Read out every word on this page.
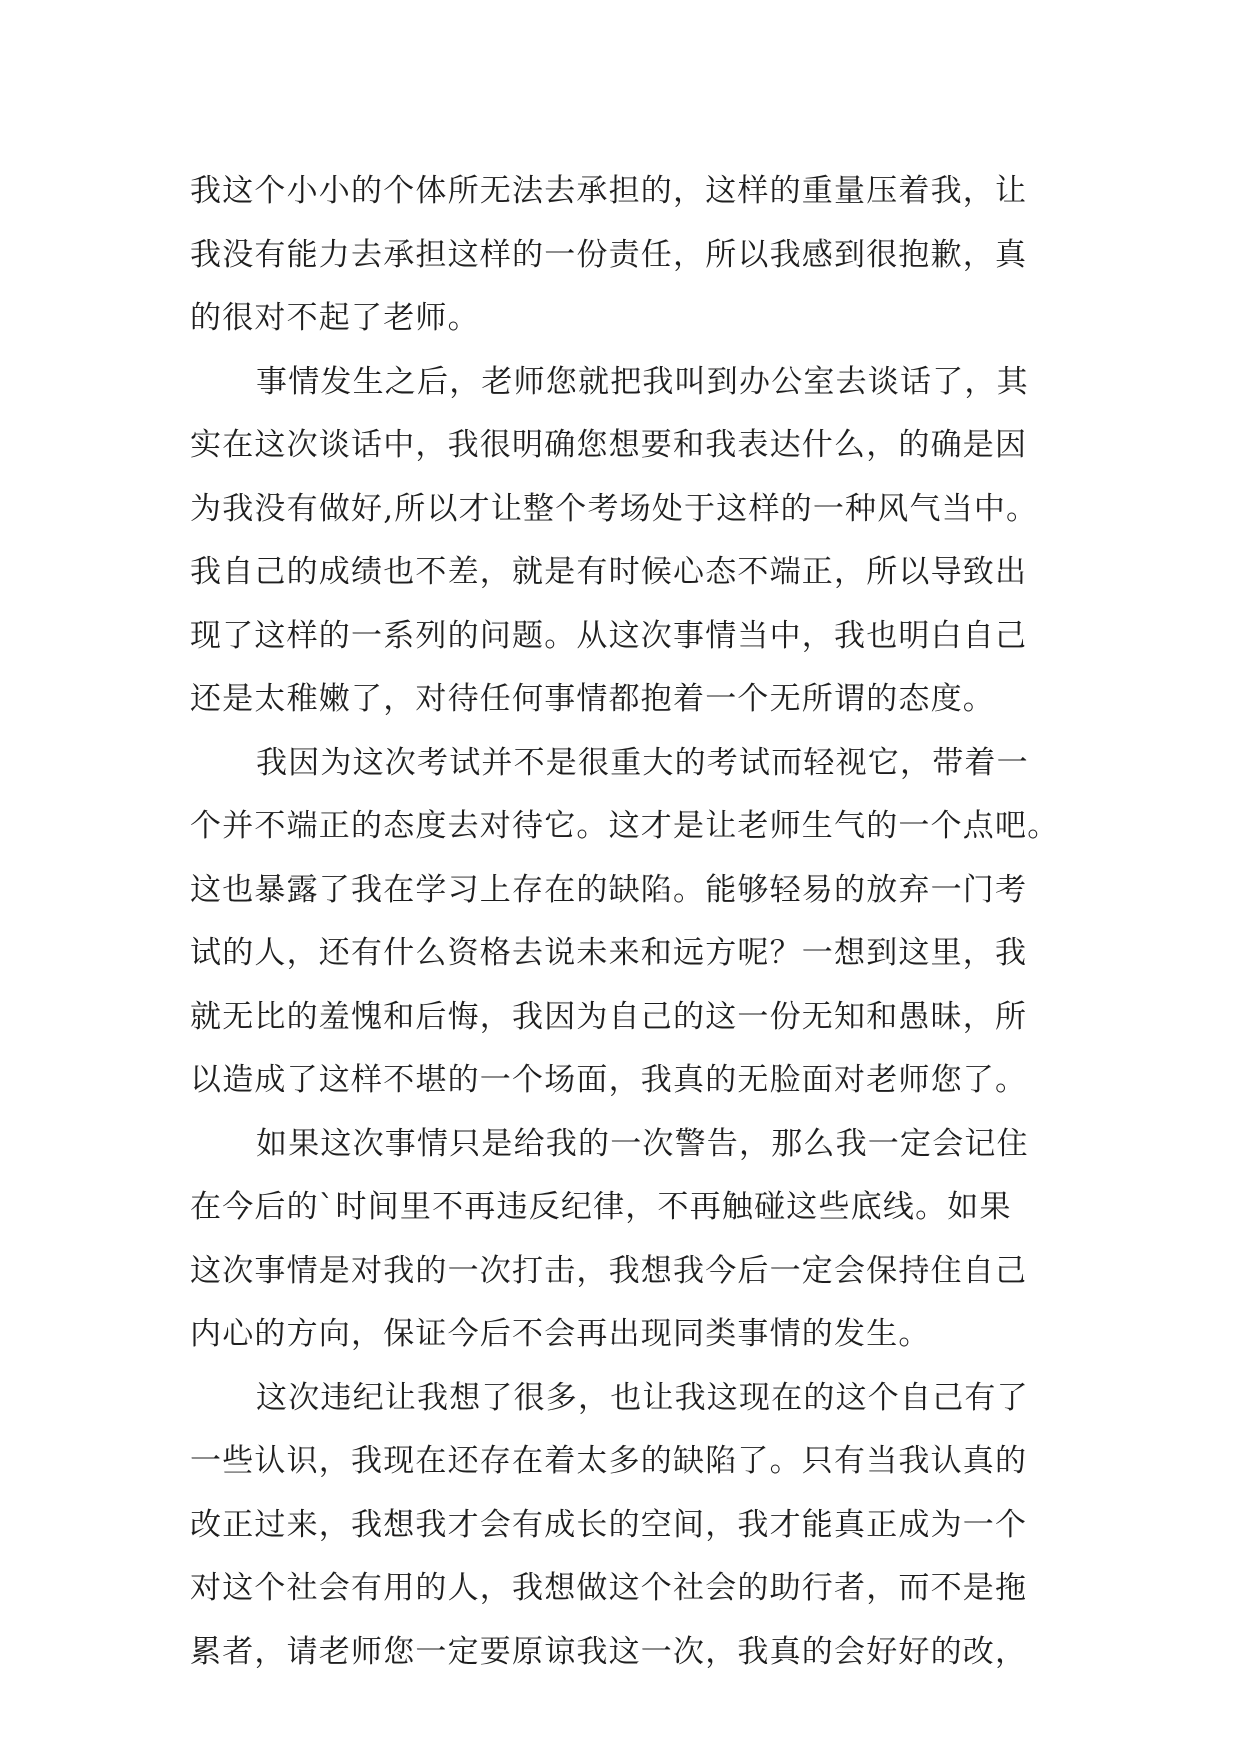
我这个小小的个体所无法去承担的，这样的重量压着我，让
我没有能力去承担这样的一份责任，所以我感到很抱歉，真
的很对不起了老师。
事情发生之后，老师您就把我叫到办公室去谈话了，其
实在这次谈话中，我很明确您想要和我表达什么，的确是因
为我没有做好,所以才让整个考场处于这样的一种风气当中。
我自己的成绩也不差，就是有时候心态不端正，所以导致出
现了这样的一系列的问题。从这次事情当中，我也明白自己
还是太稚嫩了，对待任何事情都抱着一个无所谓的态度。
我因为这次考试并不是很重大的考试而轻视它，带着一
个并不端正的态度去对待它。这才是让老师生气的一个点吧。
这也暴露了我在学习上存在的缺陷。能够轻易的放弃一门考
试的人，还有什么资格去说未来和远方呢？一想到这里，我
就无比的羞愧和后悔，我因为自己的这一份无知和愚昧，所
以造成了这样不堪的一个场面，我真的无脸面对老师您了。
如果这次事情只是给我的一次警告，那么我一定会记住
在今后的`时间里不再违反纪律，不再触碰这些底线。如果
这次事情是对我的一次打击，我想我今后一定会保持住自己
内心的方向，保证今后不会再出现同类事情的发生。
这次违纪让我想了很多，也让我这现在的这个自己有了
一些认识，我现在还存在着太多的缺陷了。只有当我认真的
改正过来，我想我才会有成长的空间，我才能真正成为一个
对这个社会有用的人，我想做这个社会的助行者，而不是拖
累者，请老师您一定要原谅我这一次，我真的会好好的改，
